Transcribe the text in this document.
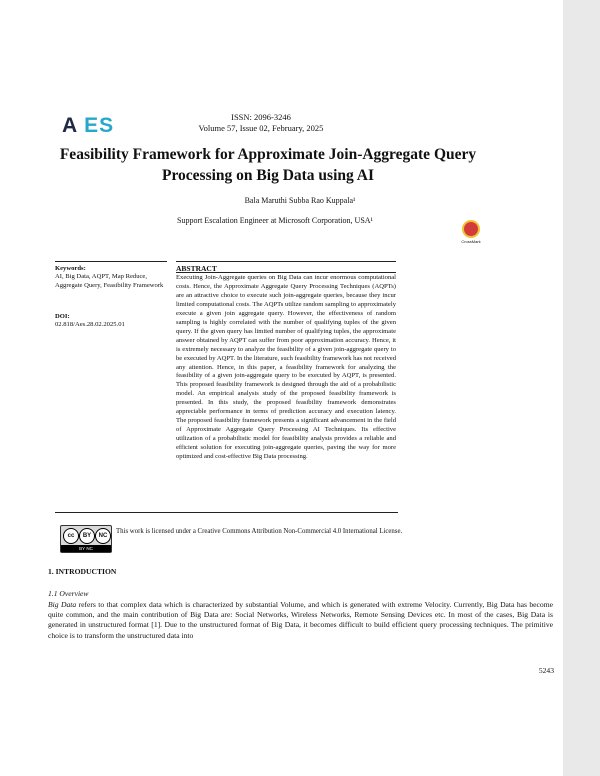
A ES	ISSN: 2096-3246
Volume 57, Issue 02, February, 2025
Feasibility Framework for Approximate Join-Aggregate Query Processing on Big Data using AI
Bala Maruthi Subba Rao Kuppala¹
Support Escalation Engineer at Microsoft Corporation, USA¹
CrossMark
Keywords:
AI, Big Data, AQPT, Map Reduce, Aggregate Query, Feasibility Framework
DOI:
02.818/Aes.28.02.2025.01
ABSTRACT
Executing Join-Aggregate queries on Big Data can incur enormous computational costs. Hence, the Approximate Aggregate Query Processing Techniques (AQPTs) are an attractive choice to execute such join-aggregate queries, because they incur limited computational costs. The AQPTs utilize random sampling to approximately execute a given join aggregate query. However, the effectiveness of random sampling is highly correlated with the number of qualifying tuples of the given query. If the given query has limited number of qualifying tuples, the approximate answer obtained by AQPT can suffer from poor approximation accuracy. Hence, it is extremely necessary to analyze the feasibility of a given join-aggregate query to be executed by AQPT. In the literature, such feasibility framework has not received any attention. Hence, in this paper, a feasibility framework for analyzing the feasibility of a given join-aggregate query to be executed by AQPT, is presented. This proposed feasibility framework is designed through the aid of a probabilistic model. An empirical analysis study of the proposed feasibility framework is presented. In this study, the proposed feasibility framework demonstrates appreciable performance in terms of prediction accuracy and execution latency. The proposed feasibility framework presents a significant advancement in the field of Approximate Aggregate Query Processing AI Techniques. Its effective utilization of a probabilistic model for feasibility analysis provides a reliable and efficient solution for executing join-aggregate queries, paving the way for more optimized and cost-effective Big Data processing.
cc	BY	NC
BY NC
This work is licensed under a Creative Commons Attribution Non-Commercial 4.0 International License.
1. INTRODUCTION
1.1 Overview
Big Data refers to that complex data which is characterized by substantial Volume, and which is generated with extreme Velocity. Currently, Big Data has become quite common, and the main contribution of Big Data are: Social Networks, Wireless Networks, Remote Sensing Devices etc. In most of the cases, Big Data is generated in unstructured format [1]. Due to the unstructured format of Big Data, it becomes difficult to build efficient query processing techniques. The primitive choice is to transform the unstructured data into
5243
